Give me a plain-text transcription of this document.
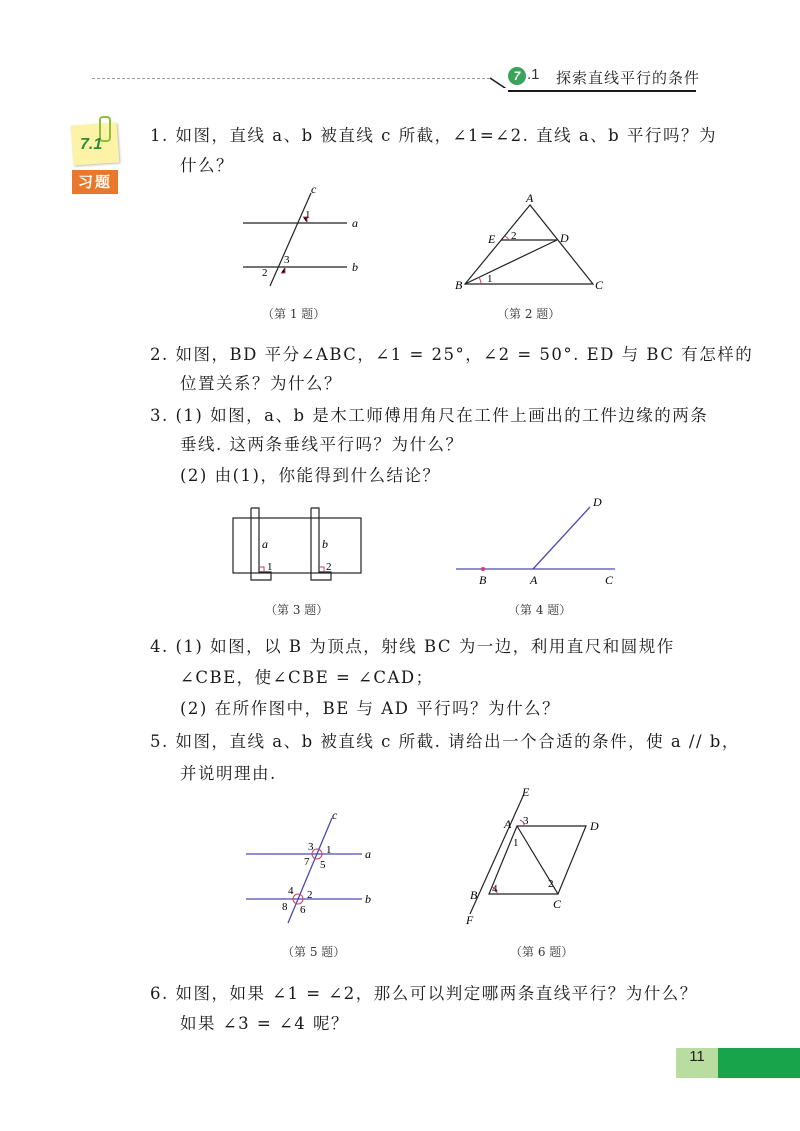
7 .1 探索直线平行的条件
7.1
习题
1. 如图，直线 a、b 被直线 c 所截，∠1=∠2. 直线 a、b 平行吗？为
什么？
c
a
b
1
3
2
（第 1 题）
A
E	D
B	C
2
1
（第 2 题）
2. 如图，BD 平分∠ABC，∠1 = 25°，∠2 = 50°. ED 与 BC 有怎样的
位置关系？为什么？
3. (1) 如图，a、b 是木工师傅用角尺在工件上画出的工件边缘的两条
垂线. 这两条垂线平行吗？为什么？
(2) 由(1)，你能得到什么结论？
a	b
1	2
（第 3 题）
D
B	A	C
（第 4 题）
4. (1) 如图，以 B 为顶点，射线 BC 为一边，利用直尺和圆规作
∠CBE，使∠CBE = ∠CAD；
(2) 在所作图中，BE 与 AD 平行吗？为什么？
5. 如图，直线 a、b 被直线 c 所截. 请给出一个合适的条件，使 a // b，
并说明理由.
c
a
b
3 1
7 5
4 2
8 6
（第 5 题）
E
A 3	D
1
2
B 4
C
F
（第 6 题）
6. 如图，如果 ∠1 = ∠2，那么可以判定哪两条直线平行？为什么？
如果 ∠3 = ∠4 呢？
11
